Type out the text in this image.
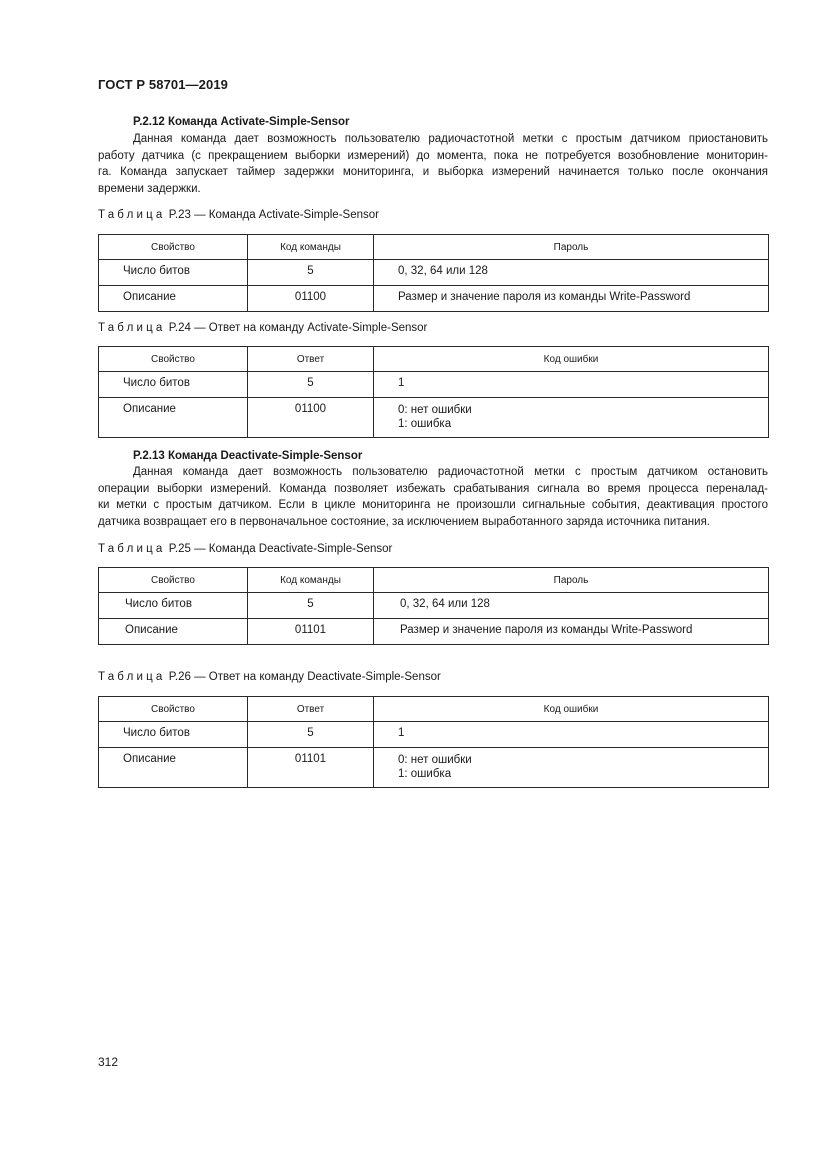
ГОСТ Р 58701—2019
P.2.12 Команда Activate-Simple-Sensor
Данная команда дает возможность пользователю радиочастотной метки с простым датчиком приостановить
работу датчика (с прекращением выборки измерений) до момента, пока не потребуется возобновление мониторин-
га. Команда запускает таймер задержки мониторинга, и выборка измерений начинается только после окончания
времени задержки.
Таблица P.23 — Команда Activate-Simple-Sensor
Свойство	Код команды	Пароль
Число битов	5	0, 32, 64 или 128
Описание	01100	Размер и значение пароля из команды Write-Password
Таблица P.24 — Ответ на команду Activate-Simple-Sensor
Свойство	Ответ	Код ошибки
Число битов	5	1
Описание	01100	0: нет ошибки
1: ошибка
P.2.13 Команда Deactivate-Simple-Sensor
Данная команда дает возможность пользователю радиочастотной метки с простым датчиком остановить
операции выборки измерений. Команда позволяет избежать срабатывания сигнала во время процесса переналад-
ки метки с простым датчиком. Если в цикле мониторинга не произошли сигнальные события, деактивация простого
датчика возвращает его в первоначальное состояние, за исключением выработанного заряда источника питания.
Таблица P.25 — Команда Deactivate-Simple-Sensor
Свойство	Код команды	Пароль
Число битов	5	0, 32, 64 или 128
Описание	01101	Размер и значение пароля из команды Write-Password
Таблица P.26 — Ответ на команду Deactivate-Simple-Sensor
Свойство	Ответ	Код ошибки
Число битов	5	1
Описание	01101	0: нет ошибки
1: ошибка
312
